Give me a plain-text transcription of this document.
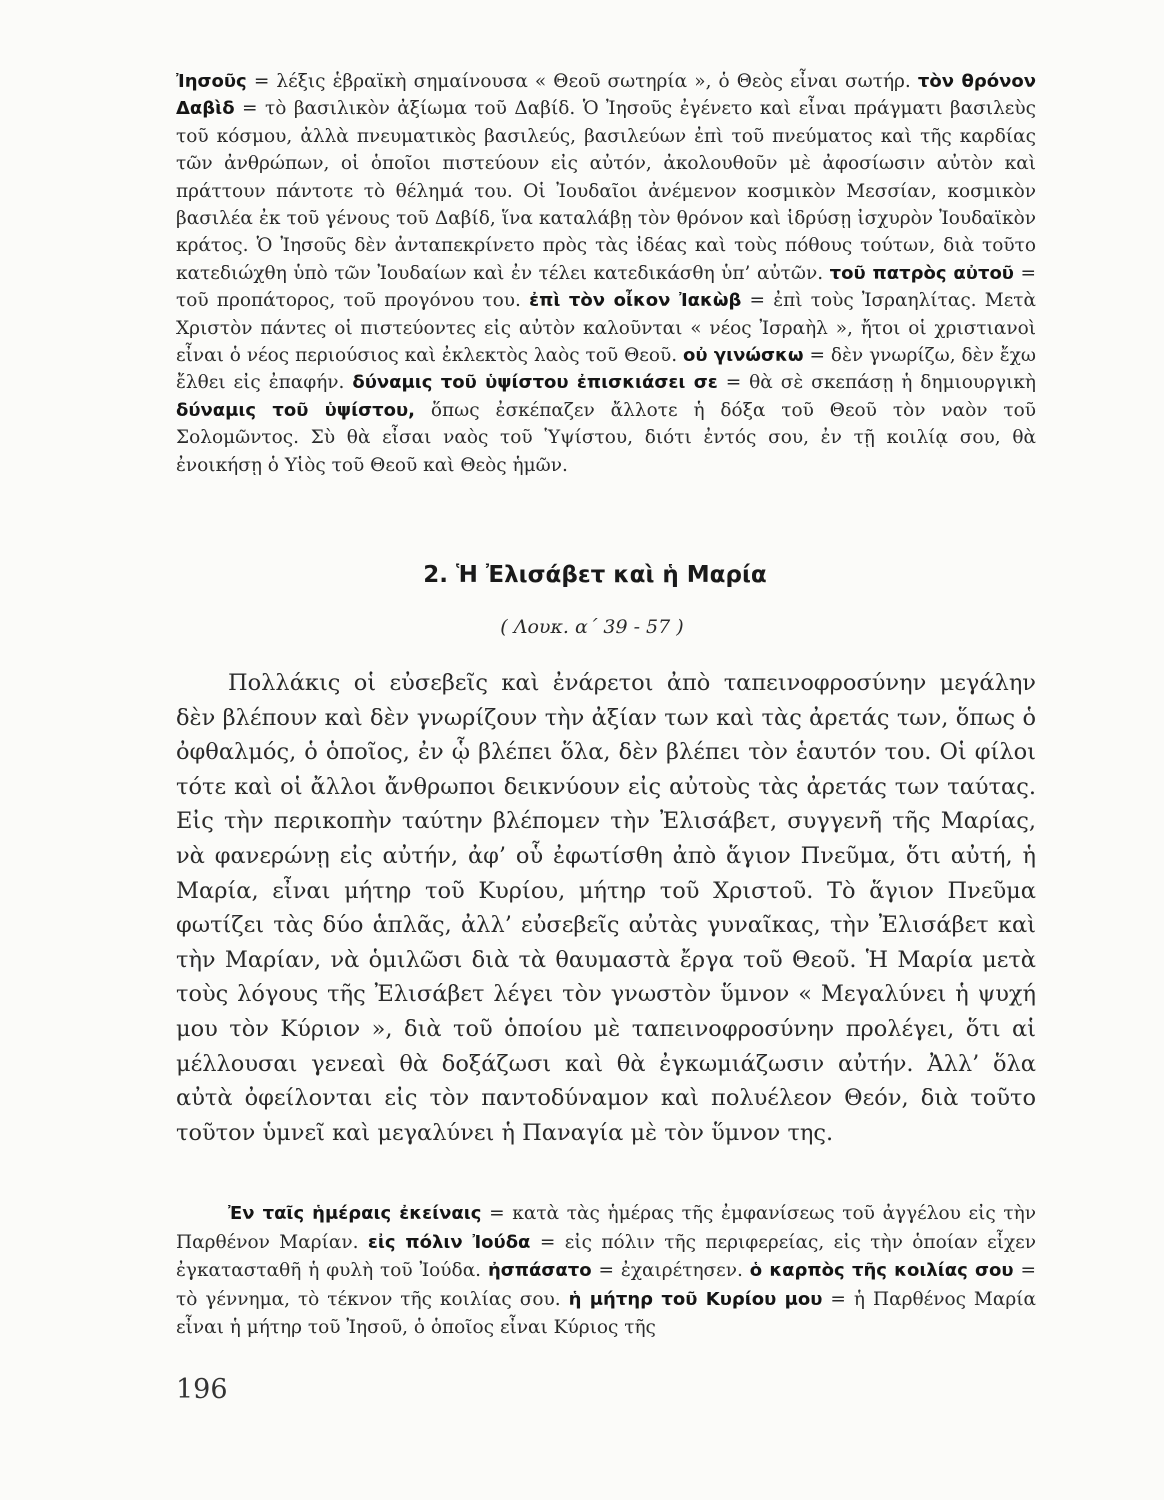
Ἰησοῦς = λέξις ἑβραϊκὴ σημαίνουσα « Θεοῦ σωτηρία », ὁ Θεὸς εἶναι σωτήρ. τὸν θρόνον Δαβὶδ = τὸ βασιλικὸν ἀξίωμα τοῦ Δαβίδ. Ὁ Ἰησοῦς ἐγένετο καὶ εἶναι πράγματι βασιλεὺς τοῦ κόσμου, ἀλλὰ πνευματικὸς βασιλεύς, βασιλεύων ἐπὶ τοῦ πνεύματος καὶ τῆς καρδίας τῶν ἀνθρώπων, οἱ ὁποῖοι πιστεύουν εἰς αὐτόν, ἀκολουθοῦν μὲ ἀφοσίωσιν αὐτὸν καὶ πράττουν πάντοτε τὸ θέλημά του. Οἱ Ἰουδαῖοι ἀνέμενον κοσμικὸν Μεσσίαν, κοσμικὸν βασιλέα ἐκ τοῦ γένους τοῦ Δαβίδ, ἵνα καταλάβῃ τὸν θρόνον καὶ ἱδρύσῃ ἰσχυρὸν Ἰουδαϊκὸν κράτος. Ὁ Ἰησοῦς δὲν ἀνταπεκρίνετο πρὸς τὰς ἰδέας καὶ τοὺς πόθους τούτων, διὰ τοῦτο κατεδιώχθη ὑπὸ τῶν Ἰουδαίων καὶ ἐν τέλει κατεδικάσθη ὑπ’ αὐτῶν. τοῦ πατρὸς αὐτοῦ = τοῦ προπάτορος, τοῦ προγόνου του. ἐπὶ τὸν οἶκον Ἰακὼβ = ἐπὶ τοὺς Ἰσραηλίτας. Μετὰ Χριστὸν πάντες οἱ πιστεύοντες εἰς αὐτὸν καλοῦνται « νέος Ἰσραὴλ », ἤτοι οἱ χριστιανοὶ εἶναι ὁ νέος περιούσιος καὶ ἐκλεκτὸς λαὸς τοῦ Θεοῦ. οὐ γινώσκω = δὲν γνωρίζω, δὲν ἔχω ἔλθει εἰς ἐπαφήν. δύναμις τοῦ ὑψίστου ἐπισκιάσει σε = θὰ σὲ σκεπάσῃ ἡ δημιουργικὴ δύναμις τοῦ ὑψίστου, ὅπως ἐσκέπαζεν ἄλλοτε ἡ δόξα τοῦ Θεοῦ τὸν ναὸν τοῦ Σολομῶντος. Σὺ θὰ εἶσαι ναὸς τοῦ Ὑψίστου, διότι ἐντός σου, ἐν τῇ κοιλίᾳ σου, θὰ ἐνοικήσῃ ὁ Υἱὸς τοῦ Θεοῦ καὶ Θεὸς ἡμῶν.
2. Ἡ Ἐλισάβετ καὶ ἡ Μαρία
( Λουκ. α΄ 39 - 57 )
Πολλάκις οἱ εὐσεβεῖς καὶ ἐνάρετοι ἀπὸ ταπεινοφροσύνην μεγάλην δὲν βλέπουν καὶ δὲν γνωρίζουν τὴν ἀξίαν των καὶ τὰς ἀρετάς των, ὅπως ὁ ὀφθαλμός, ὁ ὁποῖος, ἐν ᾧ βλέπει ὅλα, δὲν βλέπει τὸν ἑαυτόν του. Οἱ φίλοι τότε καὶ οἱ ἄλλοι ἄνθρωποι δεικνύουν εἰς αὐτοὺς τὰς ἀρετάς των ταύτας. Εἰς τὴν περικοπὴν ταύτην βλέπομεν τὴν Ἐλισάβετ, συγγενῆ τῆς Μαρίας, νὰ φανερώνῃ εἰς αὐτήν, ἀφ’ οὗ ἐφωτίσθη ἀπὸ ἅγιον Πνεῦμα, ὅτι αὐτή, ἡ Μαρία, εἶναι μήτηρ τοῦ Κυρίου, μήτηρ τοῦ Χριστοῦ. Τὸ ἅγιον Πνεῦμα φωτίζει τὰς δύο ἁπλᾶς, ἀλλ’ εὐσεβεῖς αὐτὰς γυναῖκας, τὴν Ἐλισάβετ καὶ τὴν Μαρίαν, νὰ ὁμιλῶσι διὰ τὰ θαυμαστὰ ἔργα τοῦ Θεοῦ. Ἡ Μαρία μετὰ τοὺς λόγους τῆς Ἐλισάβετ λέγει τὸν γνωστὸν ὕμνον « Μεγαλύνει ἡ ψυχή μου τὸν Κύριον », διὰ τοῦ ὁποίου μὲ ταπεινοφροσύνην προλέγει, ὅτι αἱ μέλλουσαι γενεαὶ θὰ δοξάζωσι καὶ θὰ ἐγκωμιάζωσιν αὐτήν. Ἀλλ’ ὅλα αὐτὰ ὀφείλονται εἰς τὸν παντοδύναμον καὶ πολυέλεον Θεόν, διὰ τοῦτο τοῦτον ὑμνεῖ καὶ μεγαλύνει ἡ Παναγία μὲ τὸν ὕμνον της.
Ἐν ταῖς ἡμέραις ἐκείναις = κατὰ τὰς ἡμέρας τῆς ἐμφανίσεως τοῦ ἀγγέλου εἰς τὴν Παρθένον Μαρίαν. εἰς πόλιν Ἰούδα = εἰς πόλιν τῆς περιφερείας, εἰς τὴν ὁποίαν εἶχεν ἐγκατασταθῆ ἡ φυλὴ τοῦ Ἰούδα. ἠσπάσατο = ἐχαιρέτησεν. ὁ καρπὸς τῆς κοιλίας σου = τὸ γέννημα, τὸ τέκνον τῆς κοιλίας σου. ἡ μήτηρ τοῦ Κυρίου μου = ἡ Παρθένος Μαρία εἶναι ἡ μήτηρ τοῦ Ἰησοῦ, ὁ ὁποῖος εἶναι Κύριος τῆς
196
